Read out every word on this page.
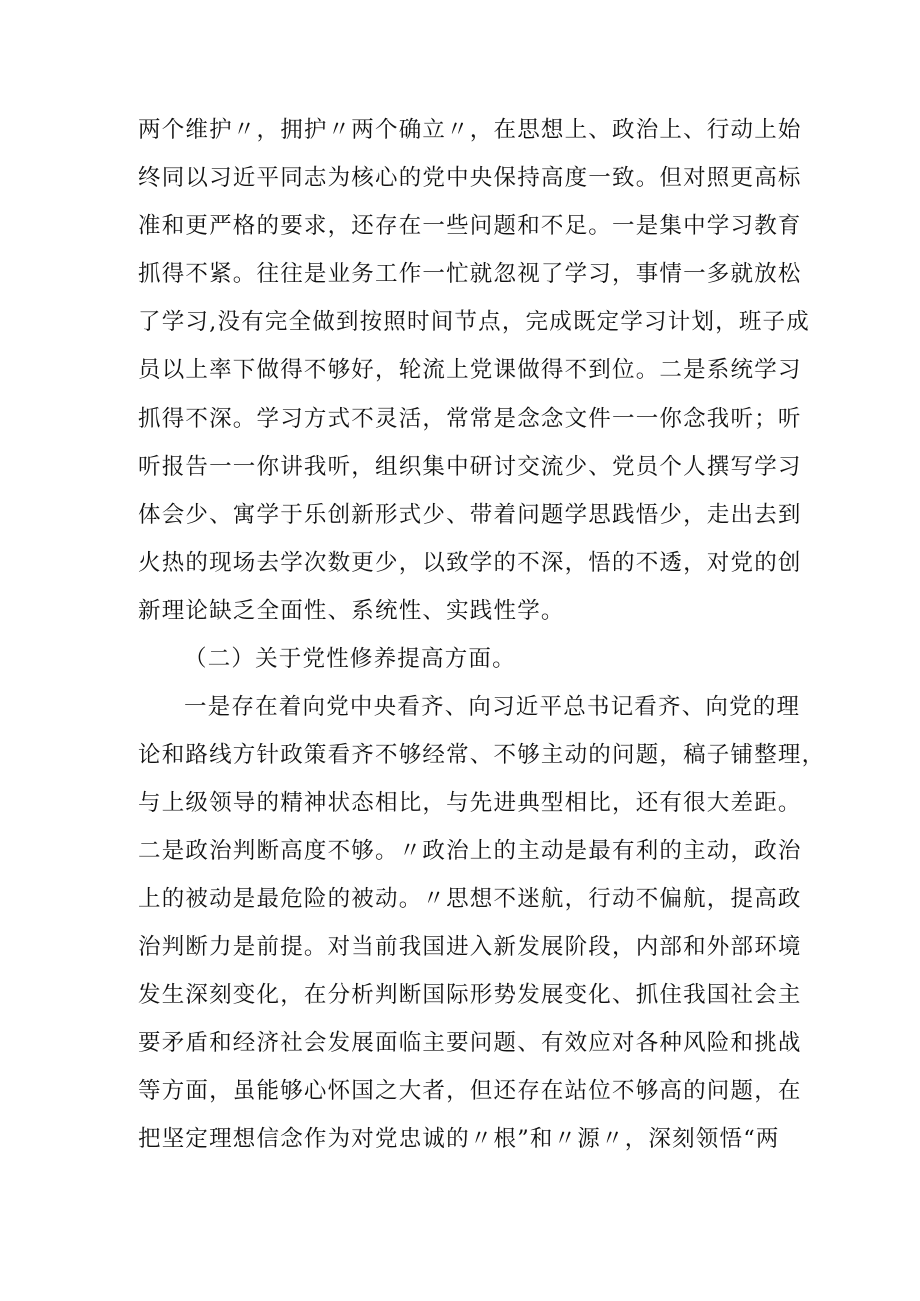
两个维护〃，拥护〃两个确立〃，在思想上、政治上、行动上始
终同以习近平同志为核心的党中央保持高度一致。但对照更高标
准和更严格的要求，还存在一些问题和不足。一是集中学习教育
抓得不紧。往往是业务工作一忙就忽视了学习，事情一多就放松
了学习,没有完全做到按照时间节点，完成既定学习计划，班子成
员以上率下做得不够好，轮流上党课做得不到位。二是系统学习
抓得不深。学习方式不灵活，常常是念念文件一一你念我听；听
听报告一一你讲我听，组织集中研讨交流少、党员个人撰写学习
体会少、寓学于乐创新形式少、带着问题学思践悟少，走出去到
火热的现场去学次数更少，以致学的不深，悟的不透，对党的创
新理论缺乏全面性、系统性、实践性学。
（二）关于党性修养提高方面。
一是存在着向党中央看齐、向习近平总书记看齐、向党的理
论和路线方针政策看齐不够经常、不够主动的问题，稿子铺整理，
与上级领导的精神状态相比，与先进典型相比，还有很大差距。
二是政治判断高度不够。〃政治上的主动是最有利的主动，政治
上的被动是最危险的被动。〃思想不迷航，行动不偏航，提高政
治判断力是前提。对当前我国进入新发展阶段，内部和外部环境
发生深刻变化，在分析判断国际形势发展变化、抓住我国社会主
要矛盾和经济社会发展面临主要问题、有效应对各种风险和挑战
等方面，虽能够心怀国之大者，但还存在站位不够高的问题，在
把坚定理想信念作为对党忠诚的〃根”和〃源〃，深刻领悟“两
